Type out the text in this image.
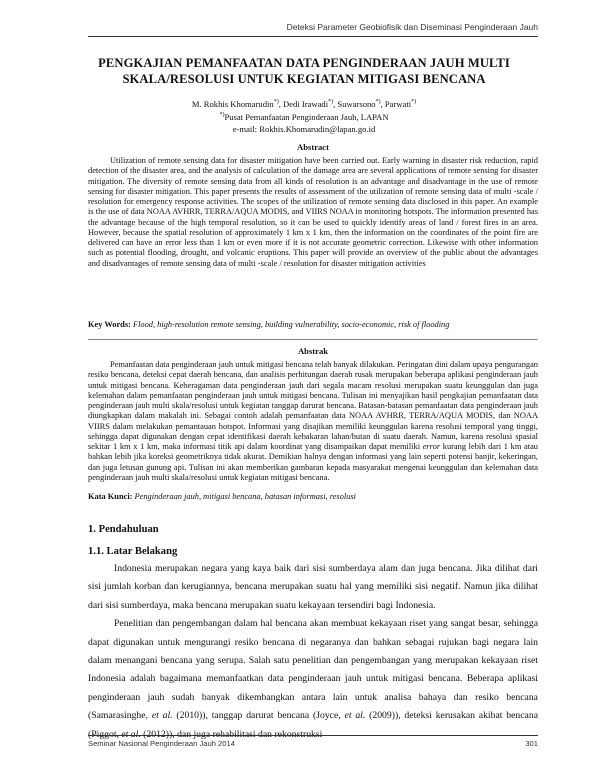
Deteksi Parameter Geobiofisik dan Diseminasi Penginderaan Jauh
PENGKAJIAN PEMANFAATAN DATA PENGINDERAAN JAUH MULTI
SKALA/RESOLUSI UNTUK KEGIATAN MITIGASI BENCANA
M. Rokhis Khomarudin*), Dedi Irawadi*), Suwarsono*), Parwati*)
*)Pusat Pemanfaatan Penginderaan Jauh, LAPAN
e-mail: Rokhis.Khomarudin@lapan.go.id
Abstract

Utilization of remote sensing data for disaster mitigation have been carried out. Early warning in disaster risk reduction, rapid detection of the disaster area, and the analysis of calculation of the damage area are several applications of remote sensing for disaster mitigation. The diversity of remote sensing data from all kinds of resolution is an advantage and disadvantage in the use of remote sensing for disaster mitigation. This paper presents the results of assessment of the utilization of remote sensing data of multi -scale / resolution for emergency response activities. The scopes of the utilization of remote sensing data disclosed in this paper. An example is the use of data NOAA AVHRR, TERRA/AQUA MODIS, and VIIRS NOAA in monitoring hotspots. The information presented has the advantage because of the high temporal resolution, so it can be used to quickly identify areas of land / forest fires in an area. However, because the spatial resolution of approximately 1 km x 1 km, then the information on the coordinates of the point fire are delivered can have an error less than 1 km or even more if it is not accurate geometric correction. Likewise with other information such as potential flooding, drought, and volcanic eruptions. This paper will provide an overview of the public about the advantages and disadvantages of remote sensing data of multi -scale / resolution for disaster mitigation activities

Key Words: Flood, high-resolution remote sensing, building vulnerability, socio-economic, risk of flooding
Abstrak

Pemanfaatan data penginderaan jauh untuk mitigasi bencana telah banyak dilakukan. Peringatan dini dalam upaya pengurangan resiko bencana, deteksi cepat daerah bencana, dan analisis perhitungan daerah rusak merupakan beberapa aplikasi penginderaan jauh untuk mitigasi bencana. Keberagaman data penginderaan jauh dari segala macam resolusi merupakan suatu keunggulan dan juga kelemahan dalam pemanfaatan penginderaan jauh untuk mitigasi bencana. Tulisan ini menyajikan hasil pengkajian pemanfaatan data penginderaan jauh multi skala/resolusi untuk kegiatan tanggap darurat bencana. Batasan-batasan pemanfaatan data penginderaan jauh diungkapkan dalam makalah ini. Sebagai contoh adalah pemanfaatan data NOAA AVHRR, TERRA/AQUA MODIS, dan NOAA VIIRS dalam melakukan pemantauan hotspot. Informasi yang disajikan memiliki keunggulan karena resolusi temporal yang tinggi, sehingga dapat digunakan dengan cepat identifikasi daerah kebakaran lahan/hutan di suatu daerah. Namun, karena resolusi spasial sekitar 1 km x 1 km, maka informasi titik api dalam koordinat yang disampaikan dapat memiliki error kurang lebih dari 1 km atau bahkan lebih jika koreksi geometriknya tidak akurat. Demikian halnya dengan informasi yang lain seperti potensi banjir, kekeringan, dan juga letusan gunung api. Tulisan ini akan memberikan gambaran kepada masyarakat mengenai keunggulan dan kelemahan data penginderaan jauh multi skala/resolusi untuk kegiatan mitigasi bencana.

Kata Kunci: Penginderaan jauh, mitigasi bencana, batasan informasi, resolusi
1. Pendahuluan
1.1. Latar Belakang

Indonesia merupakan negara yang kaya baik dari sisi sumberdaya alam dan juga bencana. Jika dilihat dari sisi jumlah korban dan kerugiannya, bencana merupakan suatu hal yang memiliki sisi negatif. Namun jika dilihat dari sisi sumberdaya, maka bencana merupakan suatu kekayaan tersendiri bagi Indonesia.

Penelitian dan pengembangan dalam hal bencana akan membuat kekayaan riset yang sangat besar, sehingga dapat digunakan untuk mengurangi resiko bencana di negaranya dan bahkan sebagai rujukan bagi negara lain dalam menangani bencana yang serupa. Salah satu penelitian dan pengembangan yang merupakan kekayaan riset Indonesia adalah bagaimana memanfaatkan data penginderaan jauh untuk mitigasi bencana. Beberapa aplikasi penginderaan jauh sudah banyak dikembangkan antara lain untuk analisa bahaya dan resiko bencana (Samarasinghe, et al. (2010)), tanggap darurat bencana (Joyce, et al. (2009)), deteksi kerusakan akibat bencana (Piggot, et al. (2012)), dan juga rehabilitasi dan rekonstruksi

Seminar Nasional Penginderaan Jauh 2014	301
